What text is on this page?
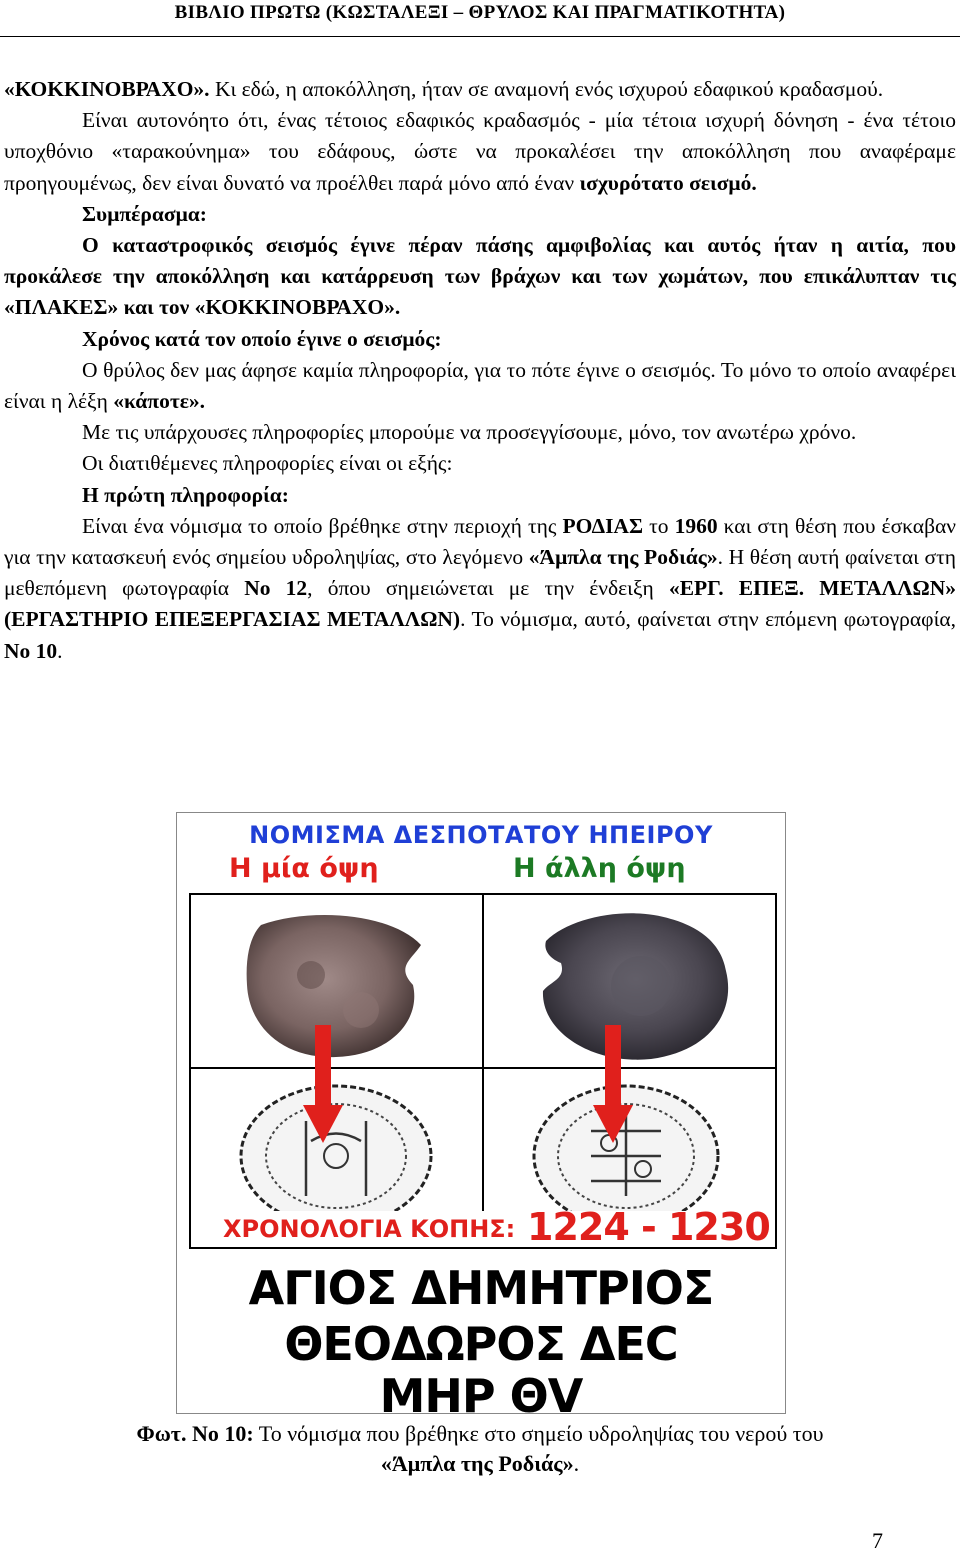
ΒΙΒΛΙΟ ΠΡΩΤΩ (ΚΩΣΤΑΛΕΞΙ – ΘΡΥΛΟΣ ΚΑΙ ΠΡΑΓΜΑΤΙΚΟΤΗΤΑ)

«ΚΟΚΚΙΝΟΒΡΑΧΟ». Κι εδώ, η αποκόλληση, ήταν σε αναμονή ενός ισχυρού εδαφικού κραδασμού.

Είναι αυτονόητο ότι, ένας τέτοιος εδαφικός κραδασμός - μία τέτοια ισχυρή δόνηση - ένα τέτοιο υποχθόνιο «ταρακούνημα» του εδάφους, ώστε να προκαλέσει την αποκόλληση που αναφέραμε προηγουμένως, δεν είναι δυνατό να προέλθει παρά μόνο από έναν ισχυρότατο σεισμό.

Συμπέρασμα:

Ο καταστροφικός σεισμός έγινε πέραν πάσης αμφιβολίας και αυτός ήταν η αιτία, που προκάλεσε την αποκόλληση και κατάρρευση των βράχων και των χωμάτων, που επικάλυπταν τις «ΠΛΑΚΕΣ» και τον «ΚΟΚΚΙΝΟΒΡΑΧΟ».

Χρόνος κατά τον οποίο έγινε ο σεισμός:

Ο θρύλος δεν μας άφησε καμία πληροφορία, για το πότε έγινε ο σεισμός. Το μόνο το οποίο αναφέρει είναι η λέξη «κάποτε».

Με τις υπάρχουσες πληροφορίες μπορούμε να προσεγγίσουμε, μόνο, τον ανωτέρω χρόνο.

Οι διατιθέμενες πληροφορίες είναι οι εξής:

Η πρώτη πληροφορία:

Είναι ένα νόμισμα το οποίο βρέθηκε στην περιοχή της ΡΟΔΙΑΣ το 1960 και στη θέση που έσκαβαν για την κατασκευή ενός σημείου υδροληψίας, στο λεγόμενο «Άμπλα της Ροδιάς». Η θέση αυτή φαίνεται στη μεθεπόμενη φωτογραφία Νο 12, όπου σημειώνεται με την ένδειξη «ΕΡΓ. ΕΠΕΞ. ΜΕΤΑΛΛΩΝ» (ΕΡΓΑΣΤΗΡΙΟ ΕΠΕΞΕΡΓΑΣΙΑΣ ΜΕΤΑΛΛΩΝ). Το νόμισμα, αυτό, φαίνεται στην επόμενη φωτογραφία, Νο 10.

ΝΟΜΙΣΜΑ ΔΕΣΠΟΤΑΤΟΥ ΗΠΕΙΡΟΥ
Η μία όψη	Η άλλη όψη
ΧΡΟΝΟΛΟΓΙΑ ΚΟΠΗΣ: 1224 - 1230
ΑΓΙΟΣ ΔΗΜΗΤΡΙΟΣ
ΘΕΟΔΩΡΟΣ ΔΕC
ΜΗΡ ΘV
Φωτ. Νο 10: Το νόμισμα που βρέθηκε στο σημείο υδροληψίας του νερού του
«Άμπλα της Ροδιάς».
7
